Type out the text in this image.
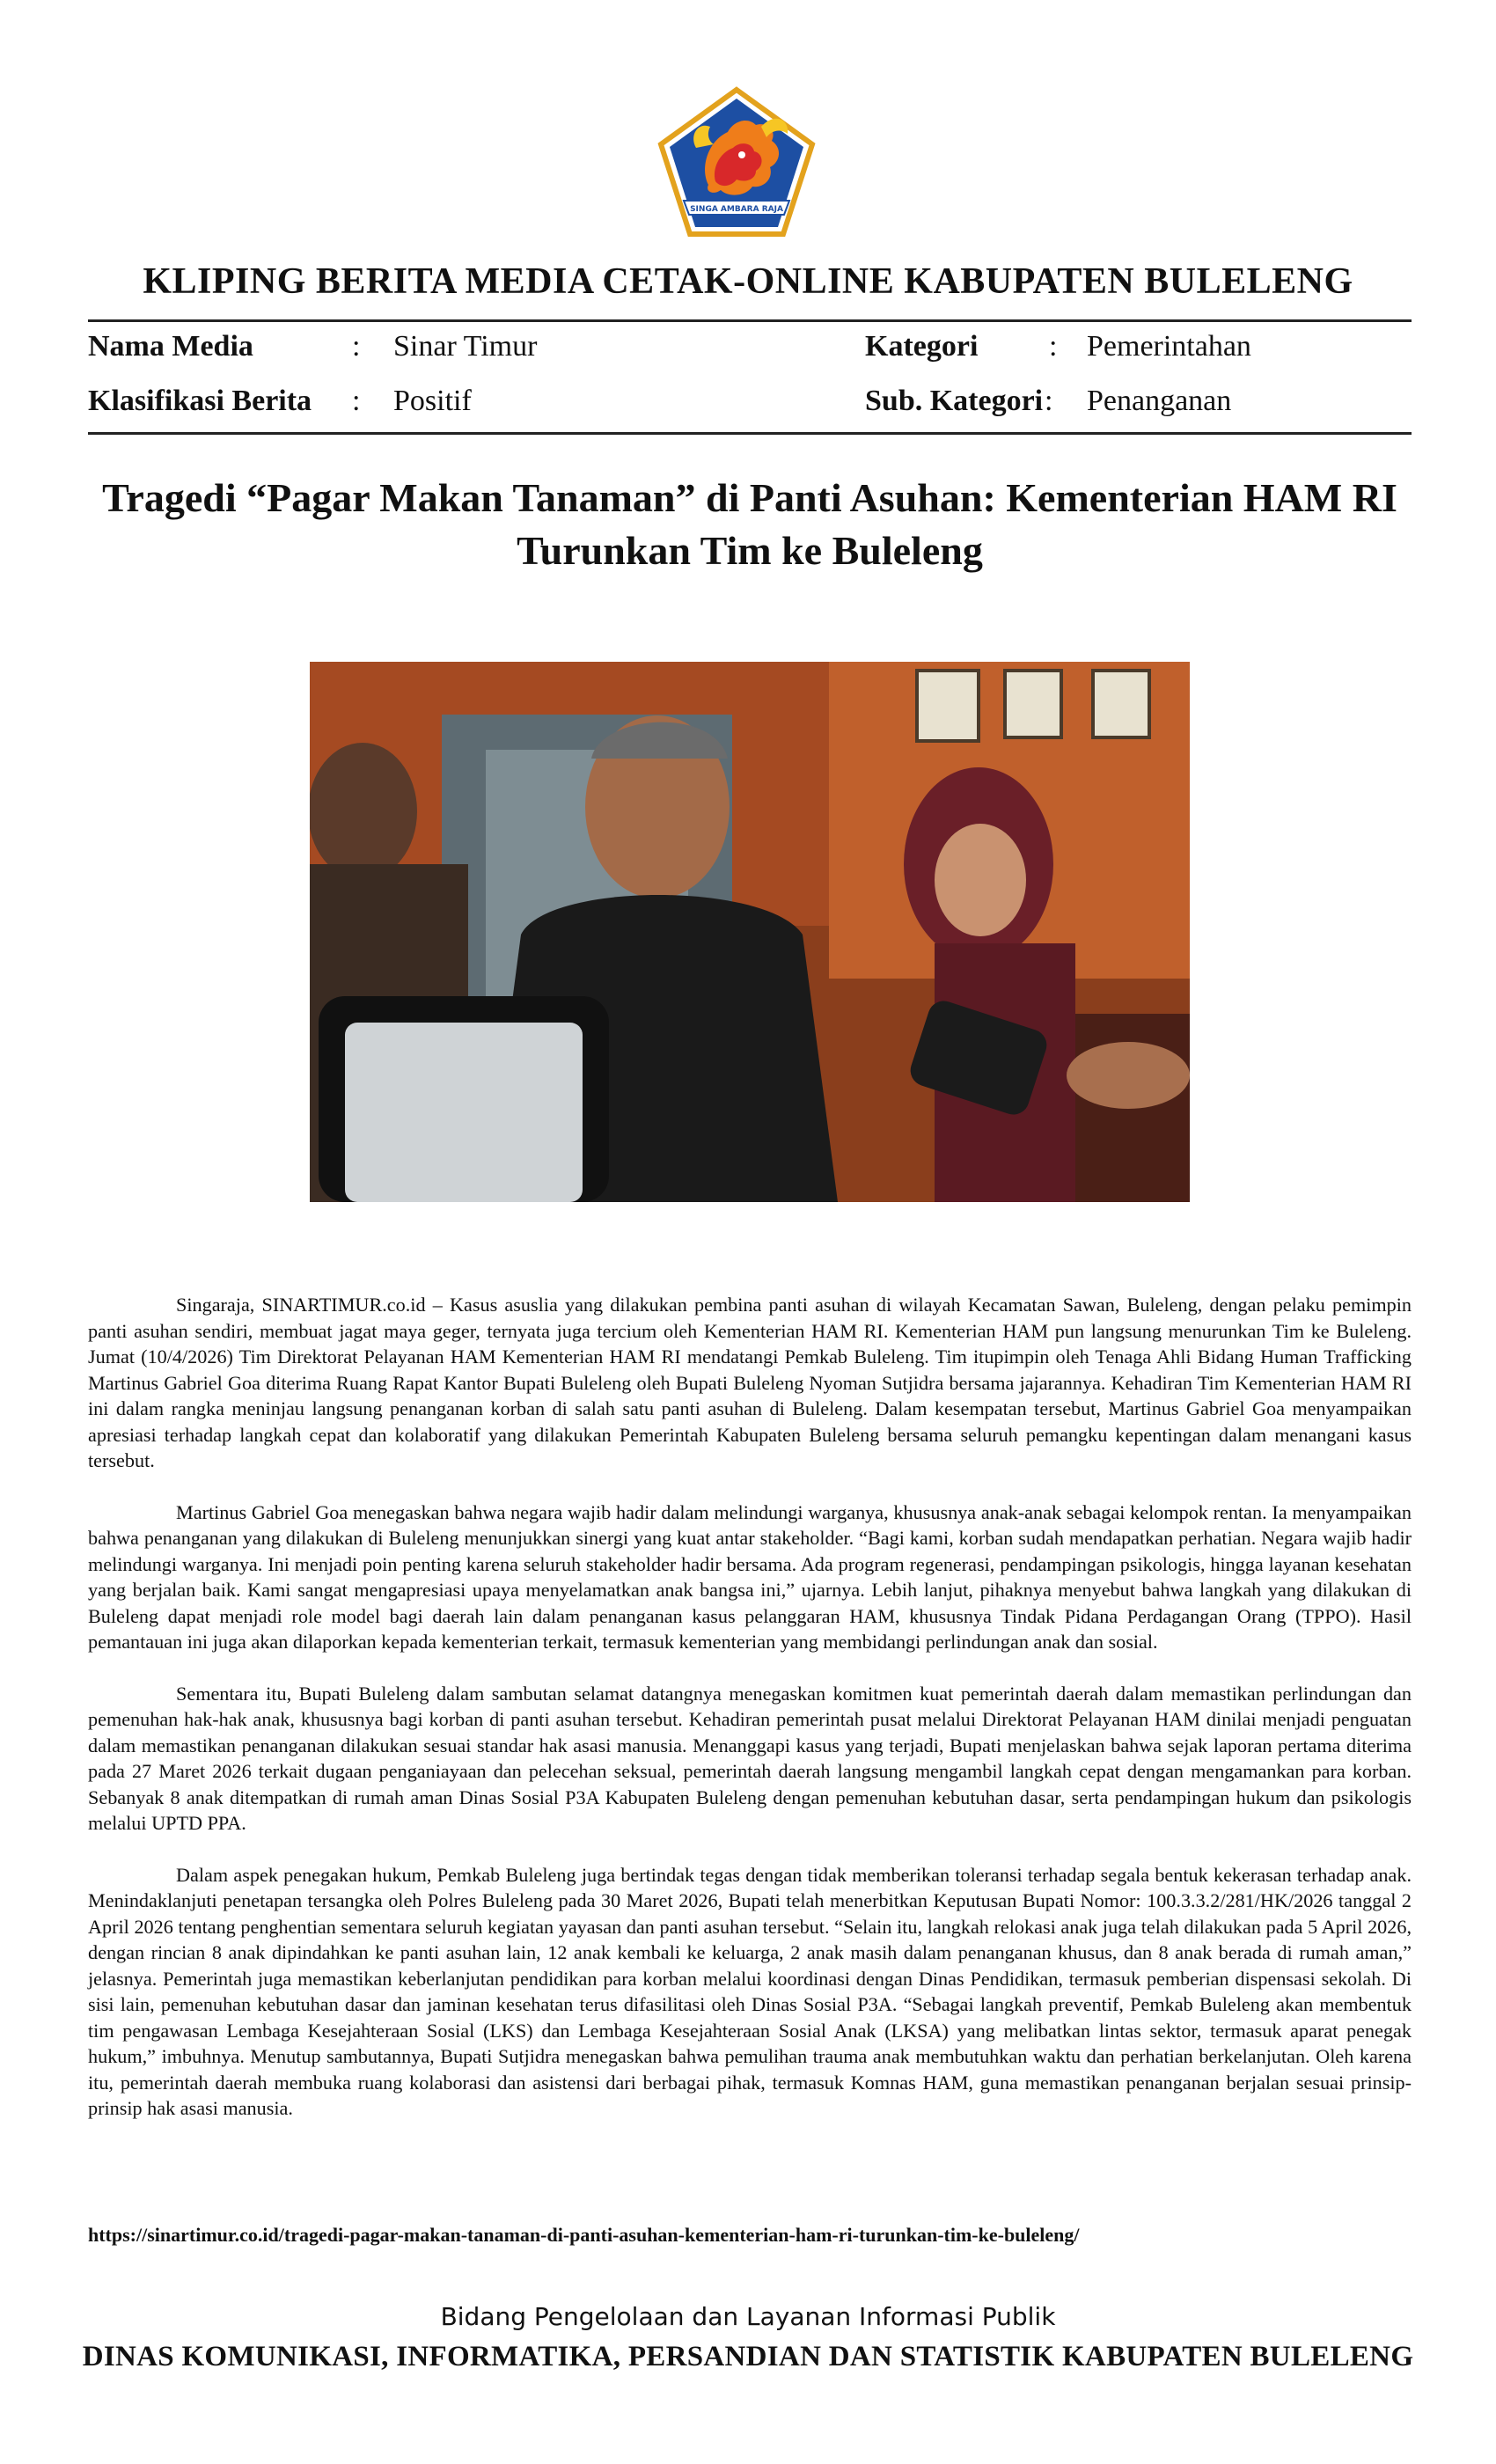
SINGA AMBARA RAJA
KLIPING BERITA MEDIA CETAK-ONLINE KABUPATEN BULELENG
Nama Media	: Sinar Timur	Kategori : Pemerintahan
Klasifikasi Berita : Positif	Sub. Kategori : Penanganan
Tragedi “Pagar Makan Tanaman” di Panti Asuhan: Kementerian HAM RI Turunkan Tim ke Buleleng

Singaraja, SINARTIMUR.co.id – Kasus asuslia yang dilakukan pembina panti asuhan di wilayah Kecamatan Sawan, Buleleng, dengan pelaku pemimpin panti asuhan sendiri, membuat jagat maya geger, ternyata juga tercium oleh Kementerian HAM RI. Kementerian HAM pun langsung menurunkan Tim ke Buleleng. Jumat (10/4/2026) Tim Direktorat Pelayanan HAM Kementerian HAM RI mendatangi Pemkab Buleleng. Tim itupimpin oleh Tenaga Ahli Bidang Human Trafficking Martinus Gabriel Goa diterima Ruang Rapat Kantor Bupati Buleleng oleh Bupati Buleleng Nyoman Sutjidra bersama jajarannya. Kehadiran Tim Kementerian HAM RI ini dalam rangka meninjau langsung penanganan korban di salah satu panti asuhan di Buleleng. Dalam kesempatan tersebut, Martinus Gabriel Goa menyampaikan apresiasi terhadap langkah cepat dan kolaboratif yang dilakukan Pemerintah Kabupaten Buleleng bersama seluruh pemangku kepentingan dalam menangani kasus tersebut.

Martinus Gabriel Goa menegaskan bahwa negara wajib hadir dalam melindungi warganya, khususnya anak-anak sebagai kelompok rentan. Ia menyampaikan bahwa penanganan yang dilakukan di Buleleng menunjukkan sinergi yang kuat antar stakeholder. “Bagi kami, korban sudah mendapatkan perhatian. Negara wajib hadir melindungi warganya. Ini menjadi poin penting karena seluruh stakeholder hadir bersama. Ada program regenerasi, pendampingan psikologis, hingga layanan kesehatan yang berjalan baik. Kami sangat mengapresiasi upaya menyelamatkan anak bangsa ini,” ujarnya. Lebih lanjut, pihaknya menyebut bahwa langkah yang dilakukan di Buleleng dapat menjadi role model bagi daerah lain dalam penanganan kasus pelanggaran HAM, khususnya Tindak Pidana Perdagangan Orang (TPPO). Hasil pemantauan ini juga akan dilaporkan kepada kementerian terkait, termasuk kementerian yang membidangi perlindungan anak dan sosial.

Sementara itu, Bupati Buleleng dalam sambutan selamat datangnya menegaskan komitmen kuat pemerintah daerah dalam memastikan perlindungan dan pemenuhan hak-hak anak, khususnya bagi korban di panti asuhan tersebut. Kehadiran pemerintah pusat melalui Direktorat Pelayanan HAM dinilai menjadi penguatan dalam memastikan penanganan dilakukan sesuai standar hak asasi manusia. Menanggapi kasus yang terjadi, Bupati menjelaskan bahwa sejak laporan pertama diterima pada 27 Maret 2026 terkait dugaan penganiayaan dan pelecehan seksual, pemerintah daerah langsung mengambil langkah cepat dengan mengamankan para korban. Sebanyak 8 anak ditempatkan di rumah aman Dinas Sosial P3A Kabupaten Buleleng dengan pemenuhan kebutuhan dasar, serta pendampingan hukum dan psikologis melalui UPTD PPA.

Dalam aspek penegakan hukum, Pemkab Buleleng juga bertindak tegas dengan tidak memberikan toleransi terhadap segala bentuk kekerasan terhadap anak. Menindaklanjuti penetapan tersangka oleh Polres Buleleng pada 30 Maret 2026, Bupati telah menerbitkan Keputusan Bupati Nomor: 100.3.3.2/281/HK/2026 tanggal 2 April 2026 tentang penghentian sementara seluruh kegiatan yayasan dan panti asuhan tersebut. “Selain itu, langkah relokasi anak juga telah dilakukan pada 5 April 2026, dengan rincian 8 anak dipindahkan ke panti asuhan lain, 12 anak kembali ke keluarga, 2 anak masih dalam penanganan khusus, dan 8 anak berada di rumah aman,” jelasnya. Pemerintah juga memastikan keberlanjutan pendidikan para korban melalui koordinasi dengan Dinas Pendidikan, termasuk pemberian dispensasi sekolah. Di sisi lain, pemenuhan kebutuhan dasar dan jaminan kesehatan terus difasilitasi oleh Dinas Sosial P3A. “Sebagai langkah preventif, Pemkab Buleleng akan membentuk tim pengawasan Lembaga Kesejahteraan Sosial (LKS) dan Lembaga Kesejahteraan Sosial Anak (LKSA) yang melibatkan lintas sektor, termasuk aparat penegak hukum,” imbuhnya. Menutup sambutannya, Bupati Sutjidra menegaskan bahwa pemulihan trauma anak membutuhkan waktu dan perhatian berkelanjutan. Oleh karena itu, pemerintah daerah membuka ruang kolaborasi dan asistensi dari berbagai pihak, termasuk Komnas HAM, guna memastikan penanganan berjalan sesuai prinsip-prinsip hak asasi manusia.

https://sinartimur.co.id/tragedi-pagar-makan-tanaman-di-panti-asuhan-kementerian-ham-ri-turunkan-tim-ke-buleleng/
Bidang Pengelolaan dan Layanan Informasi Publik
DINAS KOMUNIKASI, INFORMATIKA, PERSANDIAN DAN STATISTIK KABUPATEN BULELENG
